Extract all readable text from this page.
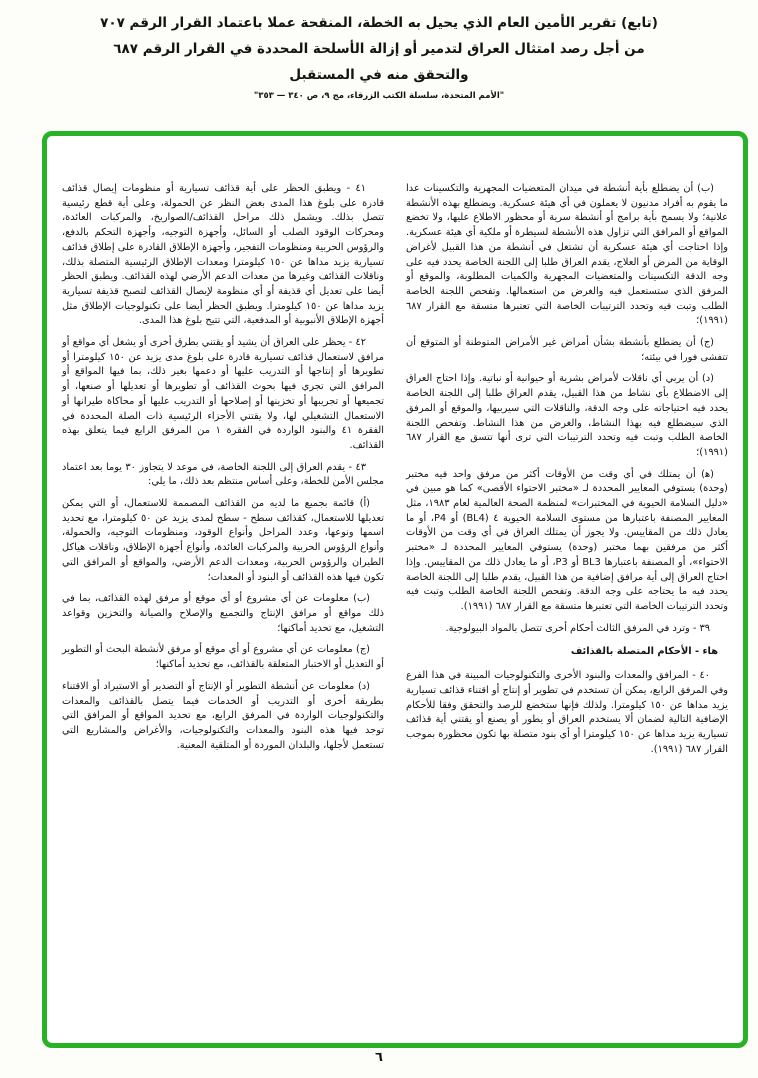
(تابع) تقرير الأمين العام الذي يحيل به الخطة، المنقحة عملا باعتماد القرار الرقم ٧٠٧
من أجل رصد امتثال العراق لتدمير أو إزالة الأسلحة المحددة في القرار الرقم ٦٨٧
والتحقق منه في المستقبل
"الأمم المتحدة، سلسلة الكتب الزرقاء، مج ٩، ص ٣٤٠ — ٣٥٣"

(ب) أن يضطلع بأية أنشطة في ميدان المتعضيات المجهرية والتكسينات عدا ما يقوم به أفراد مدنيون لا يعملون في أي هيئة عسكرية. ويضطلع بهذه الأنشطة علانية؛ ولا يسمح بأية برامج أو أنشطة سرية أو محظور الاطلاع عليها، ولا تخضع المواقع أو المرافق التي تزاول هذه الأنشطة لسيطرة أو ملكية أي هيئة عسكرية. وإذا احتاجت أي هيئة عسكرية أن تشتغل في أنشطة من هذا القبيل لأغراض الوقاية من المرض أو العلاج، يقدم العراق طلبا إلى اللجنة الخاصة يحدد فيه على وجه الدقة التكسينات والمتعضيات المجهرية والكميات المطلوبة، والموقع أو المرفق الذي ستستعمل فيه والغرض من استعمالها. وتفحص اللجنة الخاصة الطلب وتبت فيه وتحدد الترتيبات الخاصة التي تعتبرها متسقة مع القرار ٦٨٧ (١٩٩١)؛

(ج) أن يضطلع بأنشطة بشأن أمراض غير الأمراض المتوطنة أو المتوقع أن تتفشى فورا في بيئته؛

(د) أن يربي أي ناقلات لأمراض بشرية أو حيوانية أو نباتية. وإذا احتاج العراق إلى الاضطلاع بأي نشاط من هذا القبيل، يقدم العراق طلبا إلى اللجنة الخاصة يحدد فيه احتياجاته على وجه الدقة، والناقلات التي سيربيها، والموقع أو المرفق الذي سيضطلع فيه بهذا النشاط، والغرض من هذا النشاط. وتفحص اللجنة الخاصة الطلب وتبت فيه وتحدد الترتيبات التي ترى أنها تتسق مع القرار ٦٨٧ (١٩٩١)؛

(ﻫ) أن يمتلك في أي وقت من الأوقات أكثر من مرفق واحد فيه مختبر (وحدة) يستوفي المعايير المحددة لـ «مختبر الاحتواء الأقصى» كما هو مبين في «دليل السلامة الحيوية في المختبرات» لمنظمة الصحة العالمية لعام ١٩٨٣، مثل المعايير المصنفة باعتبارها من مستوى السلامة الحيوية ٤ (BL4) أو P4، أو ما يعادل ذلك من المقاييس. ولا يجوز أن يمتلك العراق في أي وقت من الأوقات أكثر من مرفقين بهما مختبر (وحدة) يستوفي المعايير المحددة لـ «مختبر الاحتواء»، أو المصنفة باعتبارها BL3 أو P3، أو ما يعادل ذلك من المقاييس. وإذا احتاج العراق إلى أية مرافق إضافية من هذا القبيل، يقدم طلبا إلى اللجنة الخاصة يحدد فيه ما يحتاجه على وجه الدقة. وتفحص اللجنة الخاصة الطلب وتبت فيه وتحدد الترتيبات الخاصة التي تعتبرها متسقة مع القرار ٦٨٧ (١٩٩١).

٣٩ - وترد في المرفق الثالث أحكام أخرى تتصل بالمواد البيولوجية.

هاء - الأحكام المتصلة بالقذائف

٤٠ - المرافق والمعدات والبنود الأخرى والتكنولوجيات المبينة في هذا الفرع وفي المرفق الرابع، يمكن أن تستخدم في تطوير أو إنتاج أو اقتناء قذائف تسيارية يزيد مداها عن ١٥٠ كيلومترا. ولذلك فإنها ستخضع للرصد والتحقق وفقا للأحكام الإضافية التالية لضمان ألا يستخدم العراق أو يطور أو يصنع أو يقتني أية قذائف تسيارية يزيد مداها عن ١٥٠ كيلومترا أو أي بنود متصلة بها تكون محظورة بموجب القرار ٦٨٧ (١٩٩١).

٤١ - ويطبق الحظر على أية قذائف تسيارية أو منظومات إيصال قذائف قادرة على بلوغ هذا المدى بغض النظر عن الحمولة، وعلى أية قطع رئيسية تتصل بذلك. ويشمل ذلك مراحل القذائف/الصواريخ، والمركبات العائدة، ومحركات الوقود الصلب أو السائل، وأجهزة التوجيه، وأجهزة التحكم بالدفع، والرؤوس الحربية ومنظومات التفجير، وأجهزة الإطلاق القادرة على إطلاق قذائف تسيارية يزيد مداها عن ١٥٠ كيلومترا ومعدات الإطلاق الرئيسية المتصلة بذلك، وناقلات القذائف وغيرها من معدات الدعم الأرضي لهذه القذائف. ويطبق الحظر أيضا على تعديل أي قذيفة أو أي منظومة لإيصال القذائف لتصبح قذيفة تسيارية يزيد مداها عن ١٥٠ كيلومترا. ويطبق الحظر أيضا على تكنولوجيات الإطلاق مثل أجهزة الإطلاق الأنبوبية أو المدفعية، التي تتيح بلوغ هذا المدى.

٤٢ - يحظر على العراق أن يشيد أو يقتني بطرق أخرى أو يشغل أي مواقع أو مرافق لاستعمال قذائف تسيارية قادرة على بلوغ مدى يزيد عن ١٥٠ كيلومترا أو تطويرها أو إنتاجها أو التدريب عليها أو دعمها بغير ذلك، بما فيها المواقع أو المرافق التي تجري فيها بحوث القذائف أو تطويرها أو تعديلها أو صنعها، أو تجميعها أو تجريبها أو تخزينها أو إصلاحها أو التدريب عليها أو محاكاة طيرانها أو الاستعمال التشغيلي لها، ولا يقتني الأجزاء الرئيسية ذات الصلة المحددة في الفقرة ٤١ والبنود الواردة في الفقرة ١ من المرفق الرابع فيما يتعلق بهذه القذائف.

٤٣ - يقدم العراق إلى اللجنة الخاصة، في موعد لا يتجاوز ٣٠ يوما بعد اعتماد مجلس الأمن للخطة، وعلى أساس منتظم بعد ذلك، ما يلي:

(أ) قائمة بجميع ما لديه من القذائف المصممة للاستعمال، أو التي يمكن تعديلها للاستعمال، كقذائف سطح - سطح لمدى يزيد عن ٥٠ كيلومترا، مع تحديد اسمها ونوعها، وعدد المراحل وأنواع الوقود، ومنظومات التوجيه، والحمولة، وأنواع الرؤوس الحربية والمركبات العائدة، وأنواع أجهزة الإطلاق، وناقلات هياكل الطيران والرؤوس الحربية، ومعدات الدعم الأرضي، والمواقع أو المرافق التي تكون فيها هذه القذائف أو البنود أو المعدات؛

(ب) معلومات عن أي مشروع أو أي موقع أو مرفق لهذه القذائف، بما في ذلك مواقع أو مرافق الإنتاج والتجميع والإصلاح والصيانة والتخزين وقواعد التشغيل، مع تحديد أماكنها؛

(ج) معلومات عن أي مشروع أو أي موقع أو مرفق لأنشطة البحث أو التطوير أو التعديل أو الاختبار المتعلقة بالقذائف، مع تحديد أماكنها؛

(د) معلومات عن أنشطة التطوير أو الإنتاج أو التصدير أو الاستيراد أو الاقتناء بطريقة أخرى أو التدريب أو الخدمات فيما يتصل بالقذائف والمعدات والتكنولوجيات الواردة في المرفق الرابع، مع تحديد المواقع أو المرافق التي توجد فيها هذه البنود والمعدات والتكنولوجيات، والأغراض والمشاريع التي تستعمل لأجلها، والبلدان الموردة أو المتلقية المعنية.

٦
